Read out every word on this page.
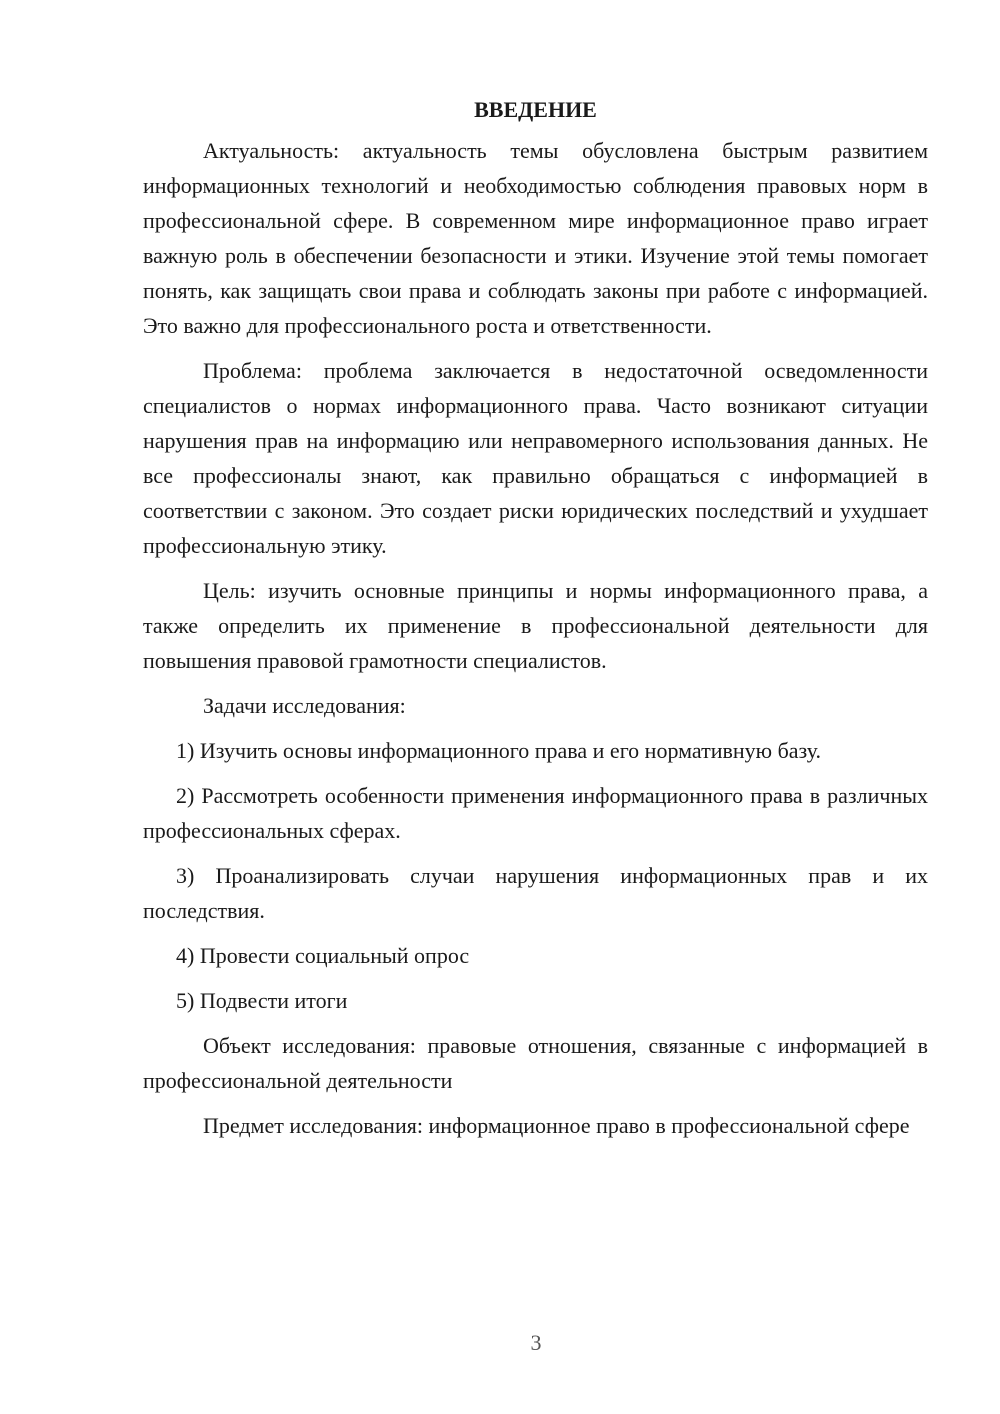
ВВЕДЕНИЕ

Актуальность: актуальность темы обусловлена быстрым развитием информационных технологий и необходимостью соблюдения правовых норм в профессиональной сфере. В современном мире информационное право играет важную роль в обеспечении безопасности и этики. Изучение этой темы помогает понять, как защищать свои права и соблюдать законы при работе с информацией. Это важно для профессионального роста и ответственности.

Проблема: проблема заключается в недостаточной осведомленности специалистов о нормах информационного права. Часто возникают ситуации нарушения прав на информацию или неправомерного использования данных. Не все профессионалы знают, как правильно обращаться с информацией в соответствии с законом. Это создает риски юридических последствий и ухудшает профессиональную этику.

Цель: изучить основные принципы и нормы информационного права, а также определить их применение в профессиональной деятельности для повышения правовой грамотности специалистов.

Задачи исследования:

1) Изучить основы информационного права и его нормативную базу.

2) Рассмотреть особенности применения информационного права в различных профессиональных сферах.

3) Проанализировать случаи нарушения информационных прав и их последствия.

4) Провести социальный опрос

5) Подвести итоги

Объект исследования: правовые отношения, связанные с информацией в профессиональной деятельности

Предмет исследования: информационное право в профессиональной сфере

3
